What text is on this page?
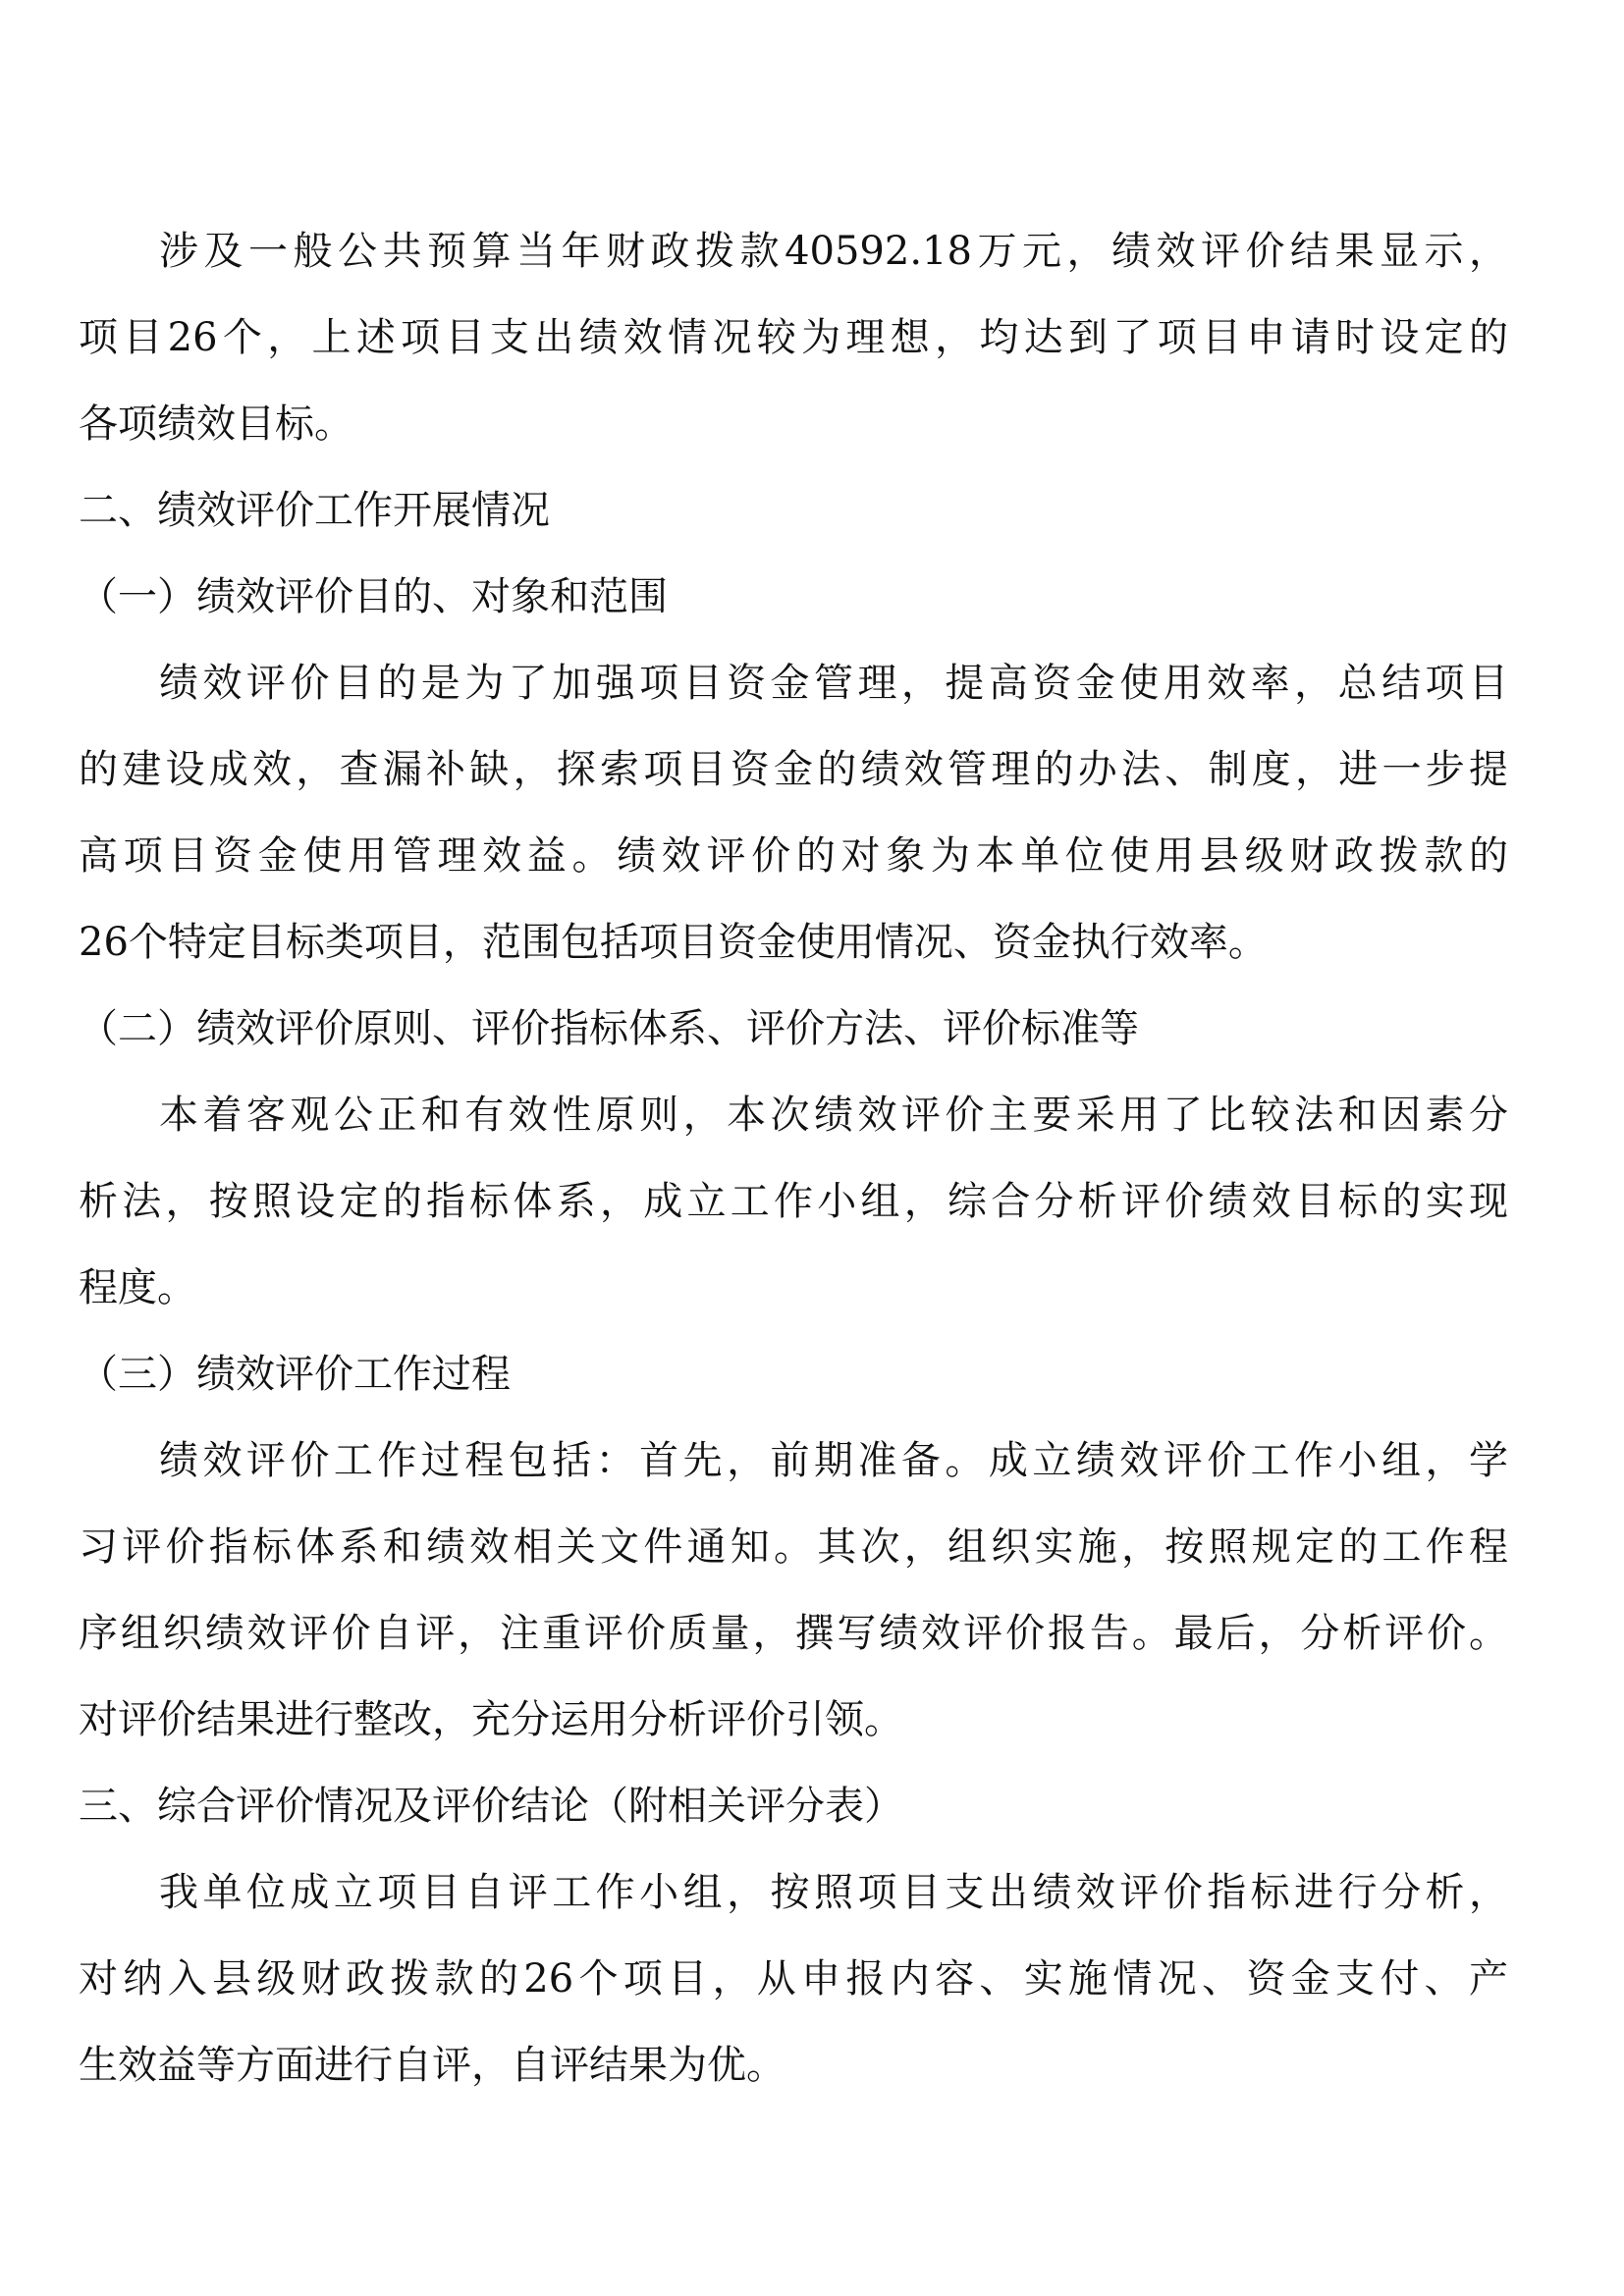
涉及一般公共预算当年财政拨款40592.18万元，绩效评价结果显示，
项目26个，上述项目支出绩效情况较为理想，均达到了项目申请时设定的
各项绩效目标。
二、绩效评价工作开展情况
（一）绩效评价目的、对象和范围
绩效评价目的是为了加强项目资金管理，提高资金使用效率，总结项目
的建设成效，查漏补缺，探索项目资金的绩效管理的办法、制度，进一步提
高项目资金使用管理效益。绩效评价的对象为本单位使用县级财政拨款的
26个特定目标类项目，范围包括项目资金使用情况、资金执行效率。
（二）绩效评价原则、评价指标体系、评价方法、评价标准等
本着客观公正和有效性原则，本次绩效评价主要采用了比较法和因素分
析法，按照设定的指标体系，成立工作小组，综合分析评价绩效目标的实现
程度。
（三）绩效评价工作过程
绩效评价工作过程包括：首先，前期准备。成立绩效评价工作小组，学
习评价指标体系和绩效相关文件通知。其次，组织实施，按照规定的工作程
序组织绩效评价自评，注重评价质量，撰写绩效评价报告。最后，分析评价。
对评价结果进行整改，充分运用分析评价引领。
三、综合评价情况及评价结论（附相关评分表）
我单位成立项目自评工作小组，按照项目支出绩效评价指标进行分析，
对纳入县级财政拨款的26个项目，从申报内容、实施情况、资金支付、产
生效益等方面进行自评，自评结果为优。
